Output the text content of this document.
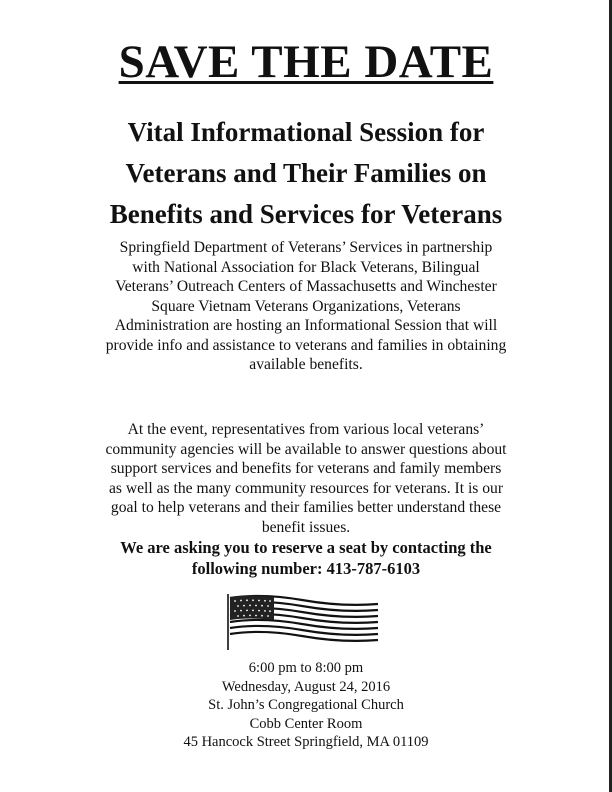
SAVE THE DATE
Vital Informational Session for
Veterans and Their Families on
Benefits and Services for Veterans
Springfield Department of Veterans’ Services in partnership
with National Association for Black Veterans, Bilingual
Veterans’ Outreach Centers of Massachusetts and Winchester
Square Vietnam Veterans Organizations, Veterans
Administration are hosting an Informational Session that will
provide info and assistance to veterans and families in obtaining
available benefits.
At the event, representatives from various local veterans’
community agencies will be available to answer questions about
support services and benefits for veterans and family members
as well as the many community resources for veterans. It is our
goal to help veterans and their families better understand these
benefit issues.
We are asking you to reserve a seat by contacting the
following number: 413-787-6103
6:00 pm to 8:00 pm
Wednesday, August 24, 2016
St. John’s Congregational Church
Cobb Center Room
45 Hancock Street Springfield, MA 01109
